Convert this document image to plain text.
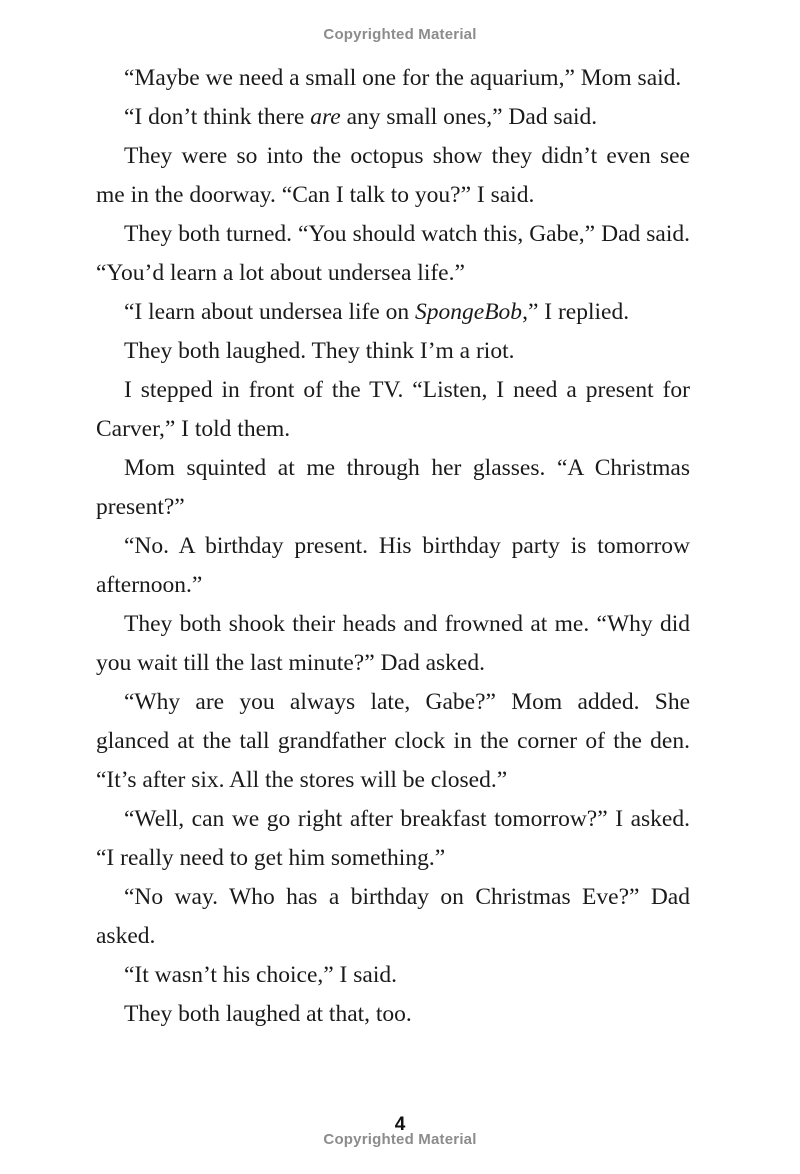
Copyrighted Material

“Maybe we need a small one for the aquarium,” Mom said.

“I don’t think there are any small ones,” Dad said.

They were so into the octopus show they didn’t even see me in the doorway. “Can I talk to you?” I said.

They both turned. “You should watch this, Gabe,” Dad said. “You’d learn a lot about undersea life.”

“I learn about undersea life on SpongeBob,” I replied.

They both laughed. They think I’m a riot.

I stepped in front of the TV. “Listen, I need a present for Carver,” I told them.

Mom squinted at me through her glasses. “A Christmas present?”

“No. A birthday present. His birthday party is tomorrow afternoon.”

They both shook their heads and frowned at me. “Why did you wait till the last minute?” Dad asked.

“Why are you always late, Gabe?” Mom added. She glanced at the tall grandfather clock in the corner of the den. “It’s after six. All the stores will be closed.”

“Well, can we go right after breakfast tomorrow?” I asked. “I really need to get him something.”

“No way. Who has a birthday on Christmas Eve?” Dad asked.

“It wasn’t his choice,” I said.

They both laughed at that, too.

4
Copyrighted Material
